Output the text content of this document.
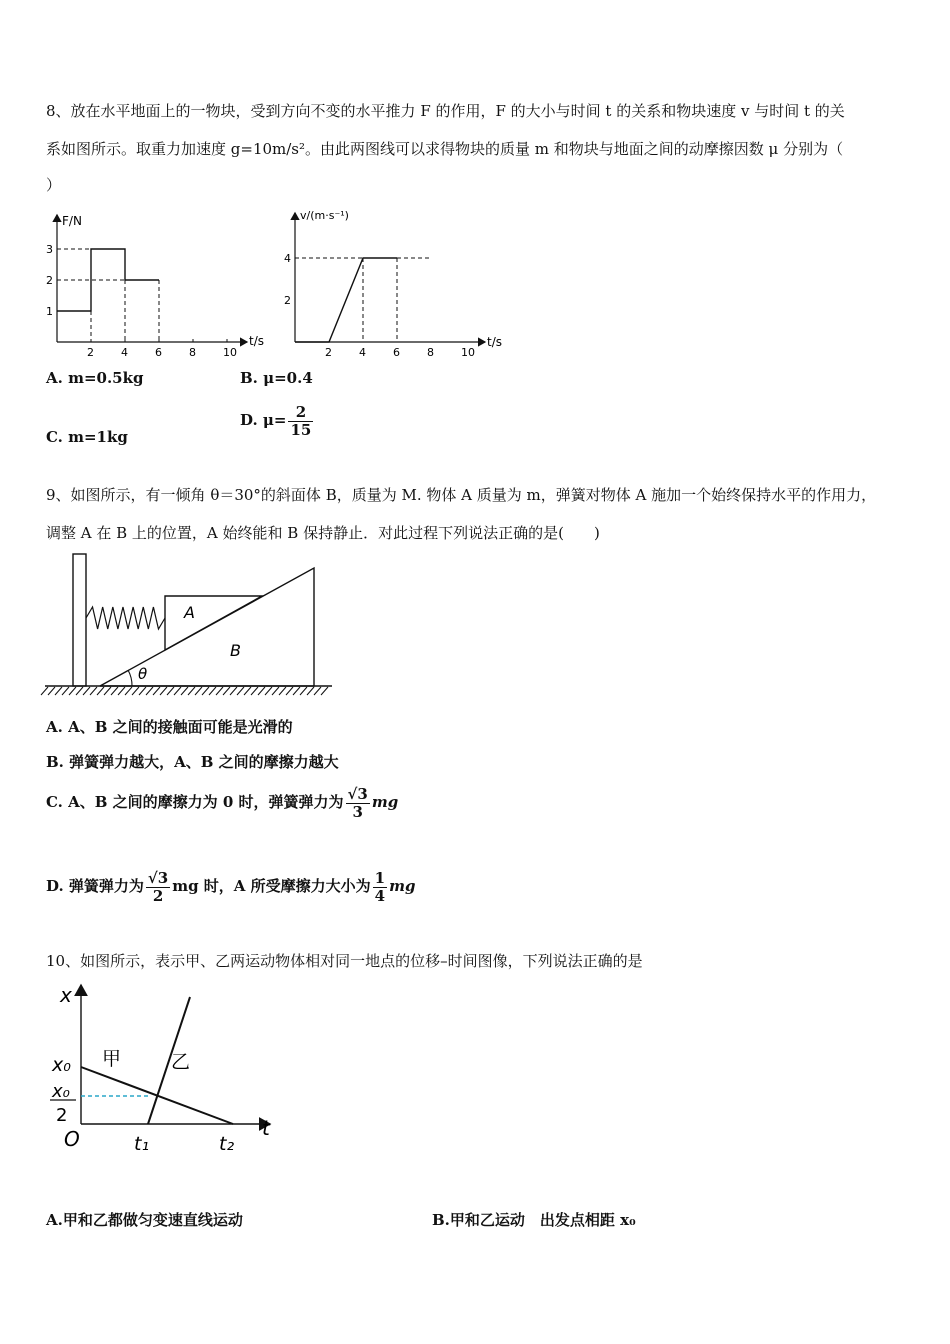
8、放在水平地面上的一物块，受到方向不变的水平推力 F 的作用，F 的大小与时间 t 的关系和物块速度 v 与时间 t 的关
系如图所示。取重力加速度 g=10m/s²。由此两图线可以求得物块的质量 m 和物块与地面之间的动摩擦因数 μ 分别为（
）
F/N
t/s
2 4 6 8 10
1
2
3
v/(m·s⁻¹)
t/s
2 4 6 8 10
2
4
A. m=0.5kg	B. μ=0.4
C. m=1kg
D. $\mu= \frac{2}{15}$
9、如图所示，有一倾角 θ＝30°的斜面体 B，质量为 M. 物体 A 质量为 m，弹簧对物体 A 施加一个始终保持水平的作用力，
调整 A 在 B 上的位置，A 始终能和 B 保持静止．对此过程下列说法正确的是(　　)
A
B
θ
A. A、B 之间的接触面可能是光滑的
B. 弹簧弹力越大，A、B 之间的摩擦力越大
C. A、B 之间的摩擦力为 0 时，弹簧弹力为 $\frac{√3}{3}$ mg
D. 弹簧弹力为 $\frac{√3}{2}$ mg 时，A 所受摩擦力大小为 $\frac{1}{4}$ mg
10、如图所示，表示甲、乙两运动物体相对同一地点的位移–时间图像，下列说法正确的是
x
t
O
x₀
x₀
2
甲	乙
t₁	t₂
A.甲和乙都做匀变速直线运动	B.甲和乙运动　出发点相距 x₀
